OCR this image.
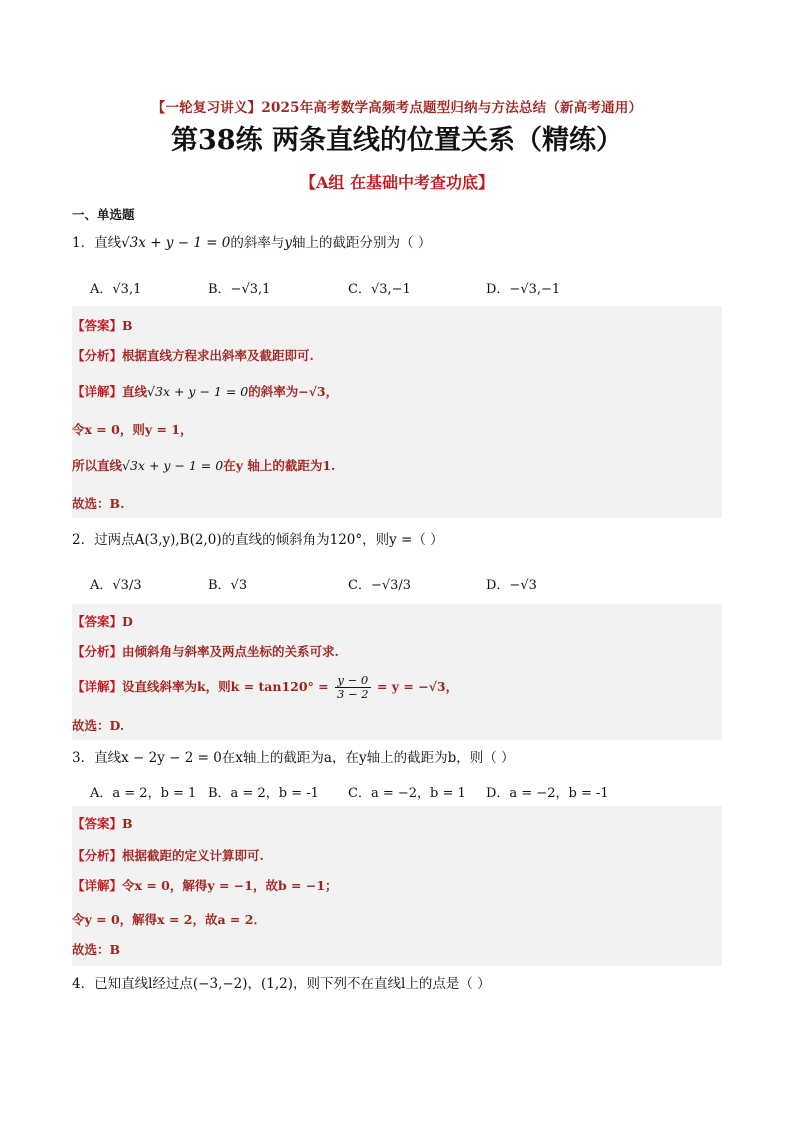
【一轮复习讲义】2025年高考数学高频考点题型归纳与方法总结（新高考通用）
第38练 两条直线的位置关系（精练）
【A组 在基础中考查功底】
一、单选题
1．直线√3x + y − 1 = 0的斜率与y轴上的截距分别为（ ）
A．√3,1	B．−√3,1	C．√3,−1	D．−√3,−1
【答案】B
【分析】根据直线方程求出斜率及截距即可.
【详解】直线√3x + y − 1 = 0的斜率为−√3，
令x = 0，则y = 1，
所以直线√3x + y − 1 = 0在y 轴上的截距为1.
故选：B.
2．过两点A(3,y),B(2,0)的直线的倾斜角为120°，则y =（ ）
A．√3/3	B．√3	C．−√3/3	D．−√3
【答案】D
【分析】由倾斜角与斜率及两点坐标的关系可求.
【详解】设直线斜率为k，则$k = \tan 120^\circ = \frac{y - 0}{3 - 2} = y = -√3$，
故选：D.
3．直线x − 2y − 2 = 0在x轴上的截距为a，在y轴上的截距为b，则（ ）
A．a = 2，b = 1 B．a = 2，b = -1 C．a = −2，b = 1 D．a = −2，b = -1
【答案】B
【分析】根据截距的定义计算即可.
【详解】令x = 0，解得y = −1，故b = −1；
令y = 0，解得x = 2，故a = 2．
故选：B
4．已知直线l经过点(−3,−2)，(1,2)，则下列不在直线l上的点是（ ）
